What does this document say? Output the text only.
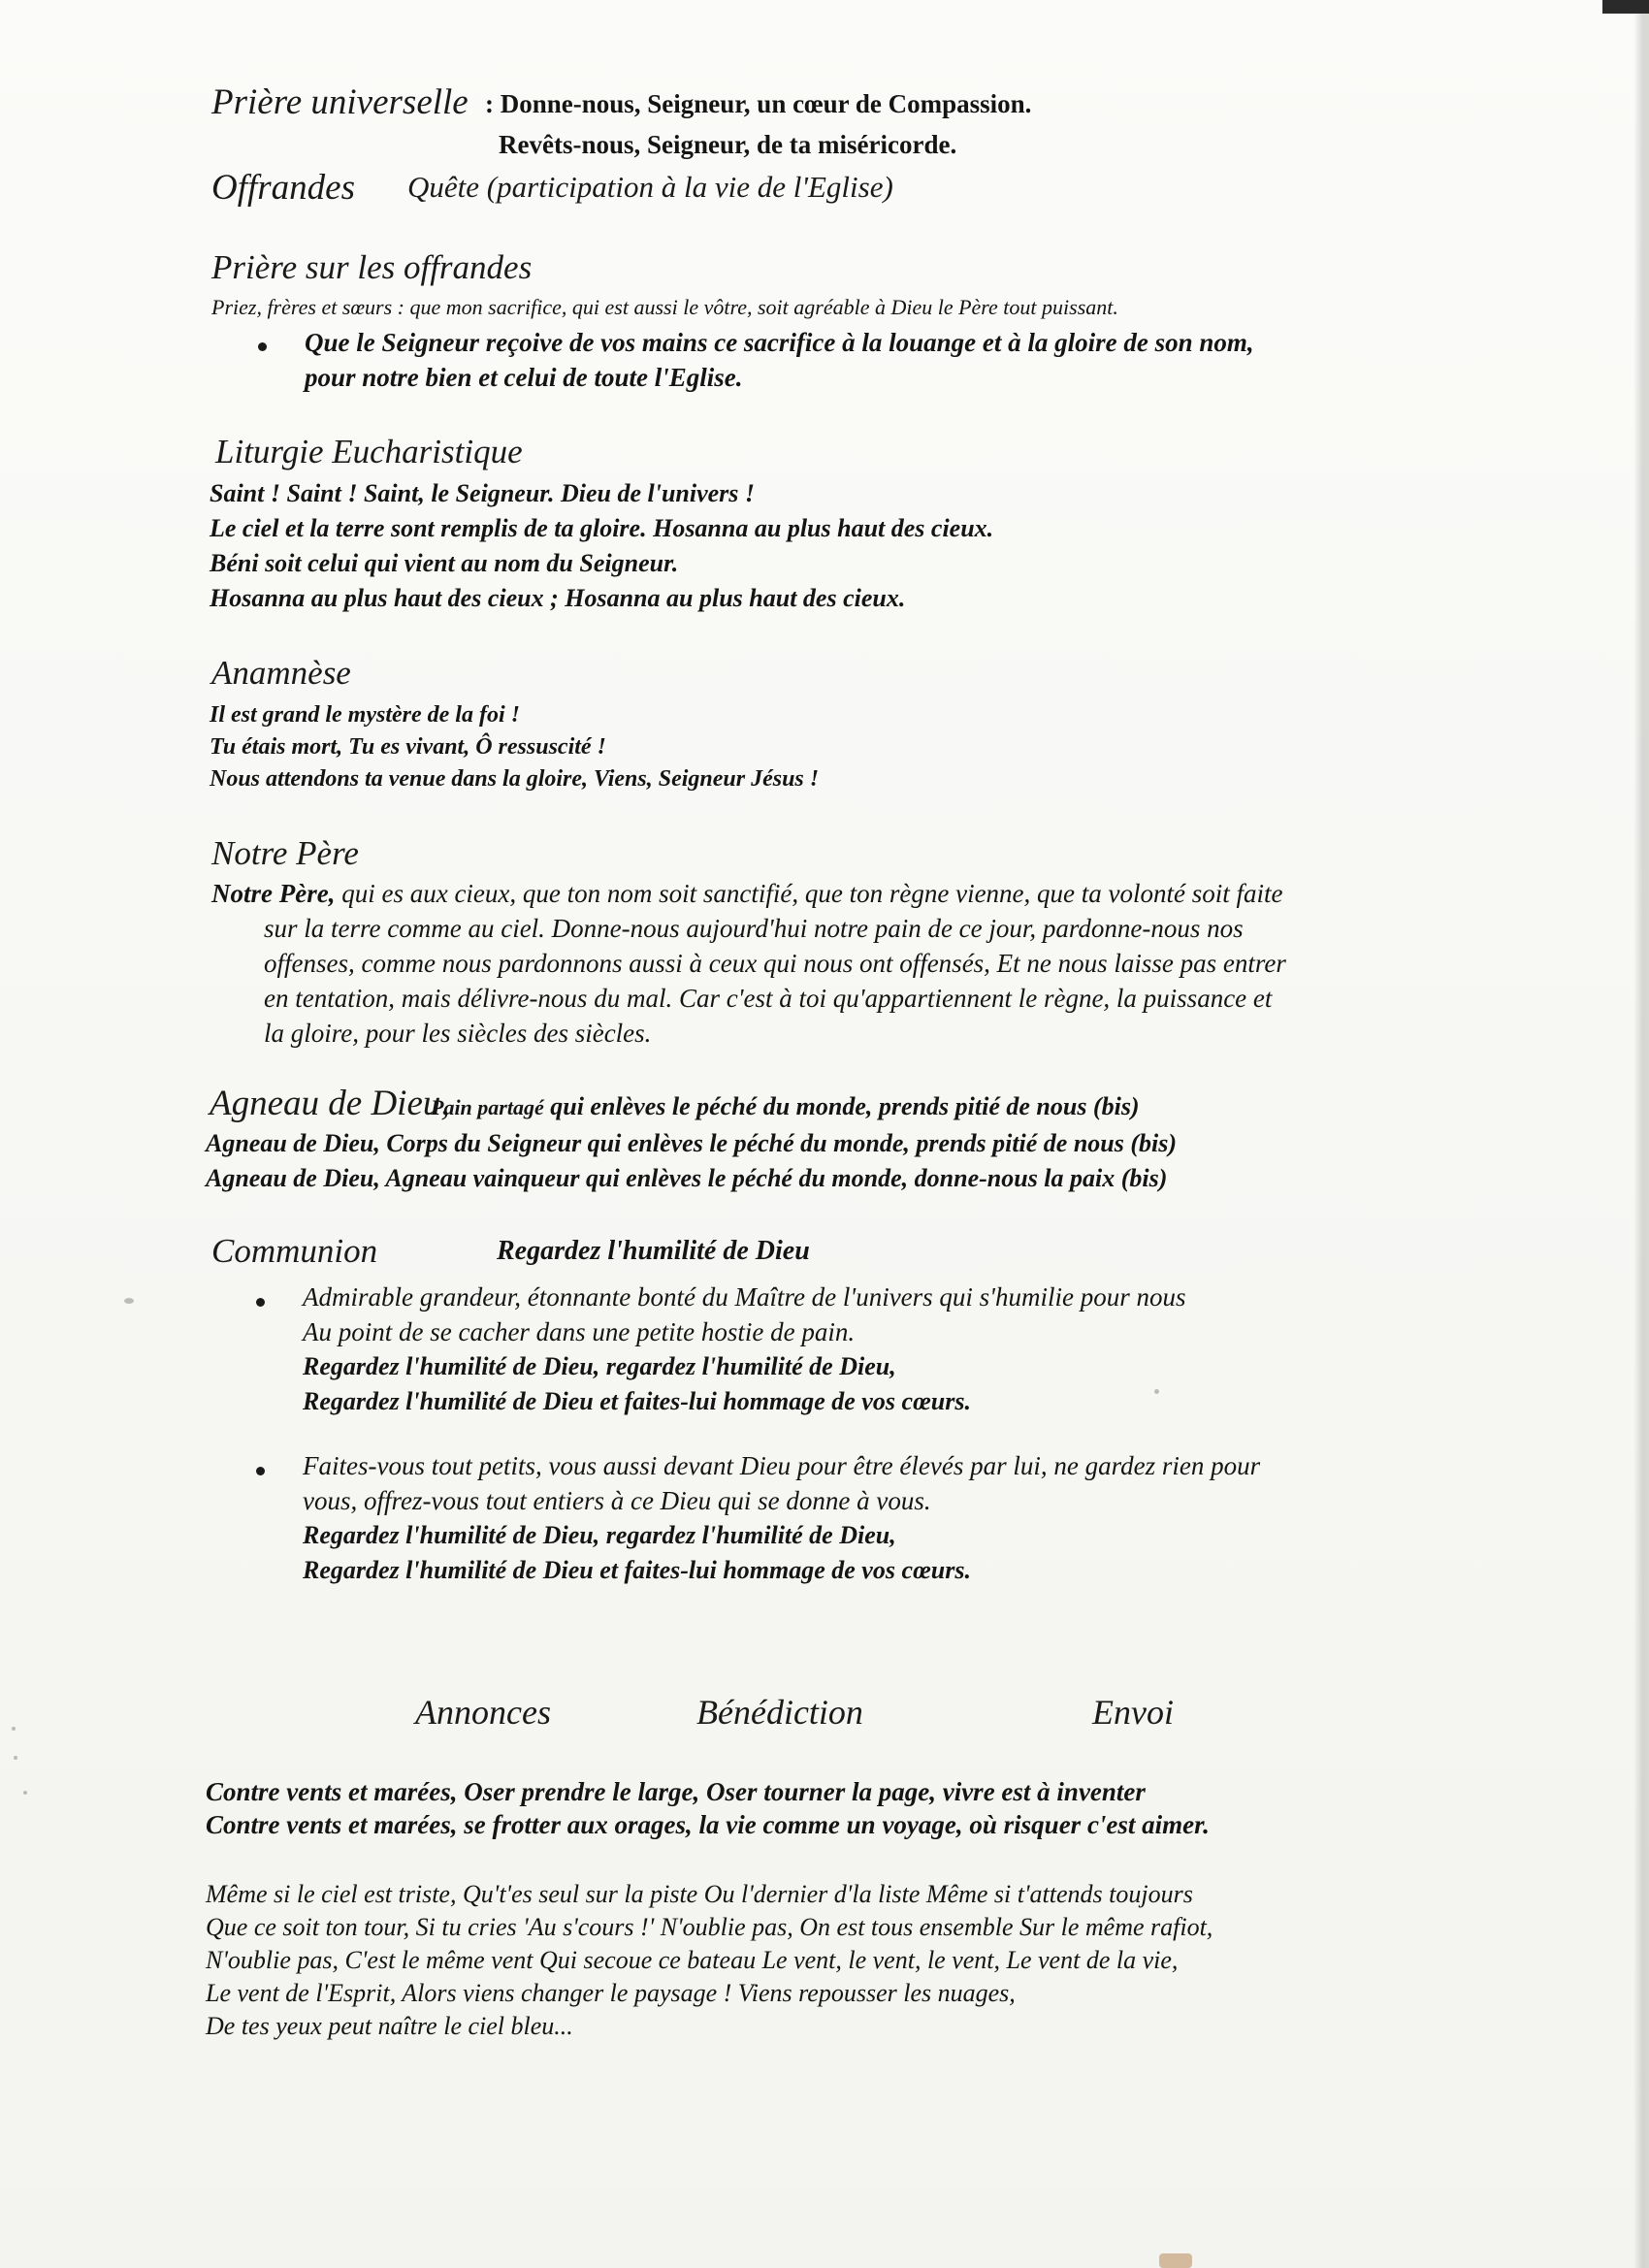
Prière universelle : Donne-nous, Seigneur, un cœur de Compassion.
Revêts-nous, Seigneur, de ta miséricorde.
Offrandes Quête (participation à la vie de l'Eglise)
Prière sur les offrandes
Priez, frères et sœurs : que mon sacrifice, qui est aussi le vôtre, soit agréable à Dieu le Père tout puissant.
Que le Seigneur reçoive de vos mains ce sacrifice à la louange et à la gloire de son nom,
pour notre bien et celui de toute l'Eglise.
Liturgie Eucharistique
Saint ! Saint ! Saint, le Seigneur. Dieu de l'univers !
Le ciel et la terre sont remplis de ta gloire. Hosanna au plus haut des cieux.
Béni soit celui qui vient au nom du Seigneur.
Hosanna au plus haut des cieux ; Hosanna au plus haut des cieux.
Anamnèse
Il est grand le mystère de la foi !
Tu étais mort, Tu es vivant, Ô ressuscité !
Nous attendons ta venue dans la gloire, Viens, Seigneur Jésus !
Notre Père
Notre Père, qui es aux cieux, que ton nom soit sanctifié, que ton règne vienne, que ta volonté soit faite
sur la terre comme au ciel. Donne-nous aujourd'hui notre pain de ce jour, pardonne-nous nos
offenses, comme nous pardonnons aussi à ceux qui nous ont offensés, Et ne nous laisse pas entrer
en tentation, mais délivre-nous du mal. Car c'est à toi qu'appartiennent le règne, la puissance et
la gloire, pour les siècles des siècles.
Agneau de Dieu,
Pain partagé qui enlèves le péché du monde, prends pitié de nous (bis)
Agneau de Dieu, Corps du Seigneur qui enlèves le péché du monde, prends pitié de nous (bis)
Agneau de Dieu, Agneau vainqueur qui enlèves le péché du monde, donne-nous la paix (bis)
Communion	Regardez l'humilité de Dieu
Admirable grandeur, étonnante bonté du Maître de l'univers qui s'humilie pour nous
Au point de se cacher dans une petite hostie de pain.
Regardez l'humilité de Dieu, regardez l'humilité de Dieu,
Regardez l'humilité de Dieu et faites-lui hommage de vos cœurs.
Faites-vous tout petits, vous aussi devant Dieu pour être élevés par lui, ne gardez rien pour
vous, offrez-vous tout entiers à ce Dieu qui se donne à vous.
Regardez l'humilité de Dieu, regardez l'humilité de Dieu,
Regardez l'humilité de Dieu et faites-lui hommage de vos cœurs.
Annonces	Bénédiction	Envoi
Contre vents et marées, Oser prendre le large, Oser tourner la page, vivre est à inventer
Contre vents et marées, se frotter aux orages, la vie comme un voyage, où risquer c'est aimer.
Même si le ciel est triste, Qu't'es seul sur la piste Ou l'dernier d'la liste Même si t'attends toujours
Que ce soit ton tour, Si tu cries 'Au s'cours !' N'oublie pas, On est tous ensemble Sur le même rafiot,
N'oublie pas, C'est le même vent Qui secoue ce bateau Le vent, le vent, le vent, Le vent de la vie,
Le vent de l'Esprit, Alors viens changer le paysage ! Viens repousser les nuages,
De tes yeux peut naître le ciel bleu...
